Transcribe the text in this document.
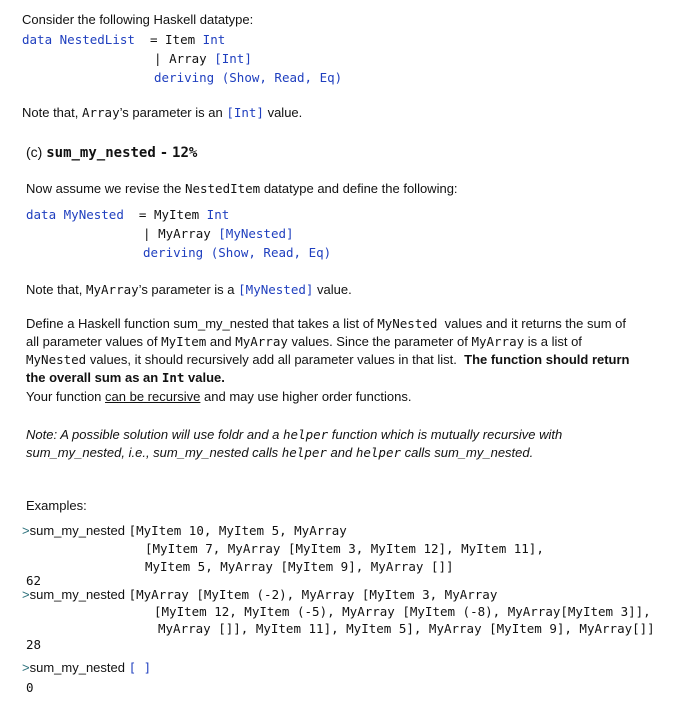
Consider the following Haskell datatype:
data NestedList = Item Int
| Array [Int]
deriving (Show, Read, Eq)
Note that, Array’s parameter is an [Int] value.
(c) sum_my_nested - 12%
Now assume we revise the NestedItem datatype and define the following:
data MyNested = MyItem Int
| MyArray [MyNested]
deriving (Show, Read, Eq)
Note that, MyArray’s parameter is a [MyNested] value.
Define a Haskell function sum_my_nested that takes a list of MyNested  values and it returns the sum of
all parameter values of MyItem and MyArray values. Since the parameter of MyArray is a list of
MyNested values, it should recursively add all parameter values in that list.  The function should return
the overall sum as an Int value.
Your function can be recursive and may use higher order functions.
Note: A possible solution will use foldr and a helper function which is mutually recursive with
sum_my_nested, i.e., sum_my_nested calls helper and helper calls sum_my_nested.
Examples:
>sum_my_nested [MyItem 10, MyItem 5, MyArray
[MyItem 7, MyArray [MyItem 3, MyItem 12], MyItem 11],
MyItem 5, MyArray [MyItem 9], MyArray []]
62
>sum_my_nested [MyArray [MyItem (-2), MyArray [MyItem 3, MyArray
[MyItem 12, MyItem (-5), MyArray [MyItem (-8), MyArray[MyItem 3]],
MyArray []], MyItem 11], MyItem 5], MyArray [MyItem 9], MyArray[]]
28
>sum_my_nested [ ]
0
